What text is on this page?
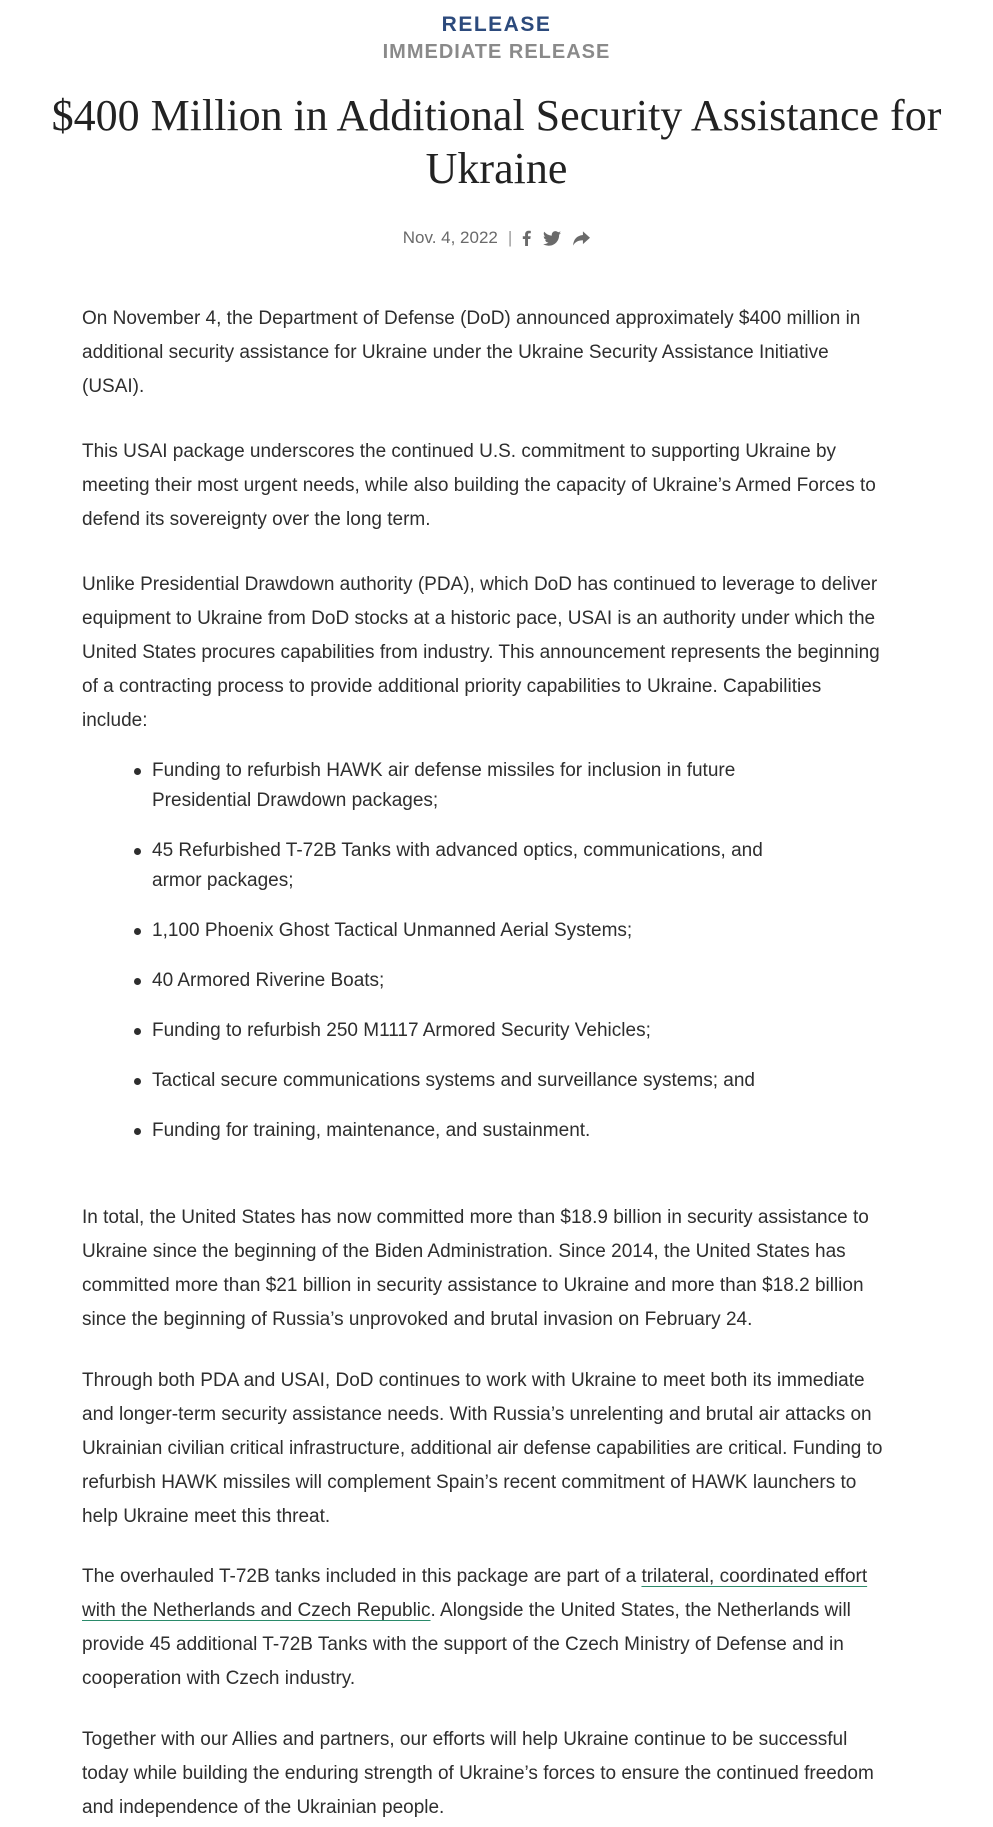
RELEASE
IMMEDIATE RELEASE
$400 Million in Additional Security Assistance for Ukraine
Nov. 4, 2022 |

On November 4, the Department of Defense (DoD) announced approximately $400 million in additional security assistance for Ukraine under the Ukraine Security Assistance Initiative (USAI).

This USAI package underscores the continued U.S. commitment to supporting Ukraine by meeting their most urgent needs, while also building the capacity of Ukraine’s Armed Forces to defend its sovereignty over the long term.

Unlike Presidential Drawdown authority (PDA), which DoD has continued to leverage to deliver equipment to Ukraine from DoD stocks at a historic pace, USAI is an authority under which the United States procures capabilities from industry. This announcement represents the beginning of a contracting process to provide additional priority capabilities to Ukraine. Capabilities include:

Funding to refurbish HAWK air defense missiles for inclusion in future Presidential Drawdown packages;
45 Refurbished T-72B Tanks with advanced optics, communications, and armor packages;
1,100 Phoenix Ghost Tactical Unmanned Aerial Systems;
40 Armored Riverine Boats;
Funding to refurbish 250 M1117 Armored Security Vehicles;
Tactical secure communications systems and surveillance systems; and
Funding for training, maintenance, and sustainment.

In total, the United States has now committed more than $18.9 billion in security assistance to Ukraine since the beginning of the Biden Administration. Since 2014, the United States has committed more than $21 billion in security assistance to Ukraine and more than $18.2 billion since the beginning of Russia’s unprovoked and brutal invasion on February 24.

Through both PDA and USAI, DoD continues to work with Ukraine to meet both its immediate and longer-term security assistance needs. With Russia’s unrelenting and brutal air attacks on Ukrainian civilian critical infrastructure, additional air defense capabilities are critical. Funding to refurbish HAWK missiles will complement Spain’s recent commitment of HAWK launchers to help Ukraine meet this threat.

The overhauled T-72B tanks included in this package are part of a trilateral, coordinated effort with the Netherlands and Czech Republic. Alongside the United States, the Netherlands will provide 45 additional T-72B Tanks with the support of the Czech Ministry of Defense and in cooperation with Czech industry.

Together with our Allies and partners, our efforts will help Ukraine continue to be successful today while building the enduring strength of Ukraine’s forces to ensure the continued freedom and independence of the Ukrainian people.
